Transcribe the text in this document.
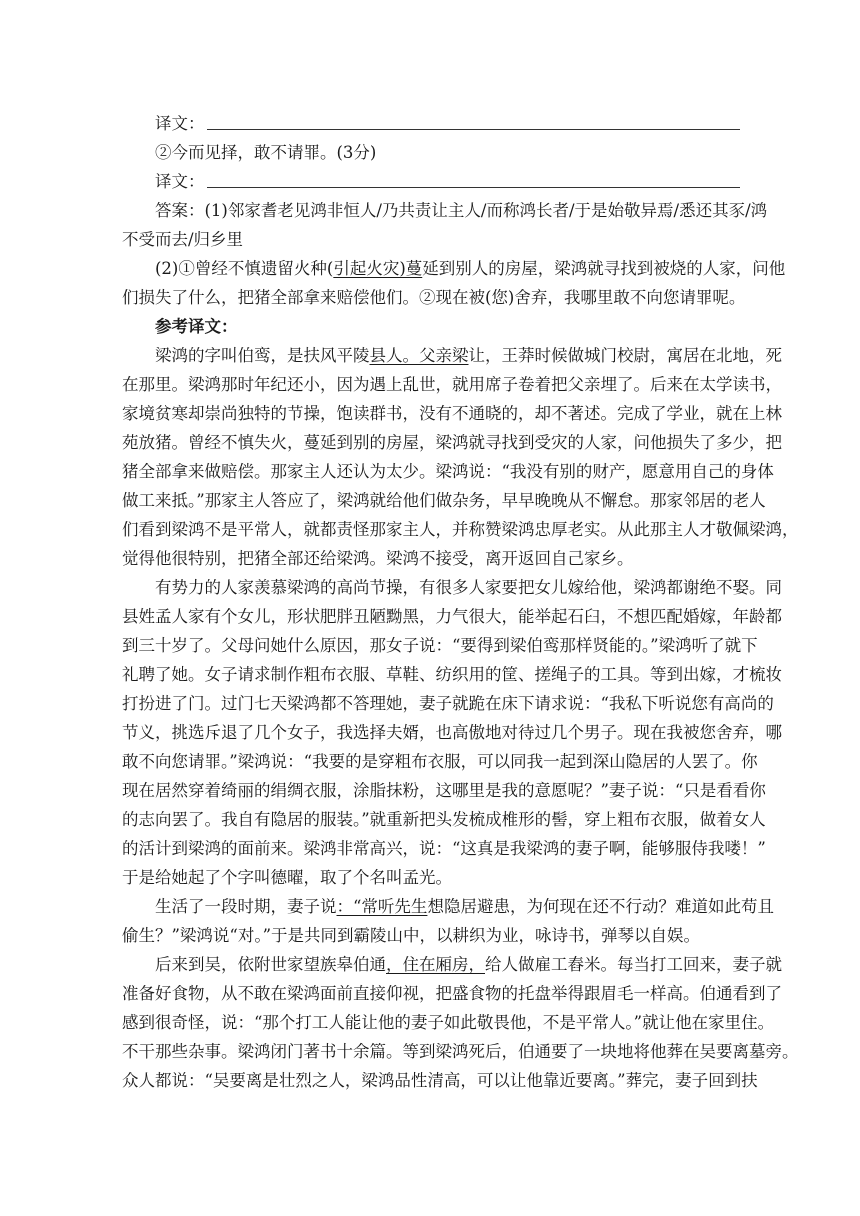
译文：

②今而见择，敢不请罪。(3分)

译文：

答案：(1)邻家耆老见鸿非恒人/乃共责让主人/而称鸿长者/于是始敬异焉/悉还其豕/鸿

不受而去/归乡里

(2)①曾经不慎遗留火种(引起火灾)蔓延到别人的房屋，梁鸿就寻找到被烧的人家，问他

们损失了什么，把猪全部拿来赔偿他们。②现在被(您)舍弃，我哪里敢不向您请罪呢。

参考译文：

梁鸿的字叫伯鸾，是扶风平陵县人。父亲梁让，王莽时候做城门校尉，寓居在北地，死

在那里。梁鸿那时年纪还小，因为遇上乱世，就用席子卷着把父亲埋了。后来在太学读书，

家境贫寒却崇尚独特的节操，饱读群书，没有不通晓的，却不著述。完成了学业，就在上林

苑放猪。曾经不慎失火，蔓延到别的房屋，梁鸿就寻找到受灾的人家，问他损失了多少，把

猪全部拿来做赔偿。那家主人还认为太少。梁鸿说：“我没有别的财产，愿意用自己的身体

做工来抵。”那家主人答应了，梁鸿就给他们做杂务，早早晚晚从不懈怠。那家邻居的老人

们看到梁鸿不是平常人，就都责怪那家主人，并称赞梁鸿忠厚老实。从此那主人才敬佩梁鸿，

觉得他很特别，把猪全部还给梁鸿。梁鸿不接受，离开返回自己家乡。

有势力的人家羡慕梁鸿的高尚节操，有很多人家要把女儿嫁给他，梁鸿都谢绝不娶。同

县姓孟人家有个女儿，形状肥胖丑陋黝黑，力气很大，能举起石臼，不想匹配婚嫁，年龄都

到三十岁了。父母问她什么原因，那女子说：“要得到梁伯鸾那样贤能的。”梁鸿听了就下

礼聘了她。女子请求制作粗布衣服、草鞋、纺织用的筐、搓绳子的工具。等到出嫁，才梳妆

打扮进了门。过门七天梁鸿都不答理她，妻子就跪在床下请求说：“我私下听说您有高尚的

节义，挑选斥退了几个女子，我选择夫婿，也高傲地对待过几个男子。现在我被您舍弃，哪

敢不向您请罪。”梁鸿说：“我要的是穿粗布衣服，可以同我一起到深山隐居的人罢了。你

现在居然穿着绮丽的绢绸衣服，涂脂抹粉，这哪里是我的意愿呢？”妻子说：“只是看看你

的志向罢了。我自有隐居的服装。”就重新把头发梳成椎形的髻，穿上粗布衣服，做着女人

的活计到梁鸿的面前来。梁鸿非常高兴，说：“这真是我梁鸿的妻子啊，能够服侍我喽！”

于是给她起了个字叫德曜，取了个名叫孟光。

生活了一段时期，妻子说：“常听先生想隐居避患，为何现在还不行动？难道如此苟且

偷生？”梁鸿说“对。”于是共同到霸陵山中，以耕织为业，咏诗书，弹琴以自娱。

后来到吴，依附世家望族皋伯通，住在厢房，给人做雇工舂米。每当打工回来，妻子就

准备好食物，从不敢在梁鸿面前直接仰视，把盛食物的托盘举得跟眉毛一样高。伯通看到了

感到很奇怪，说：“那个打工人能让他的妻子如此敬畏他，不是平常人。”就让他在家里住。

不干那些杂事。梁鸿闭门著书十余篇。等到梁鸿死后，伯通要了一块地将他葬在吴要离墓旁。

众人都说：“吴要离是壮烈之人，梁鸿品性清高，可以让他靠近要离。”葬完，妻子回到扶
